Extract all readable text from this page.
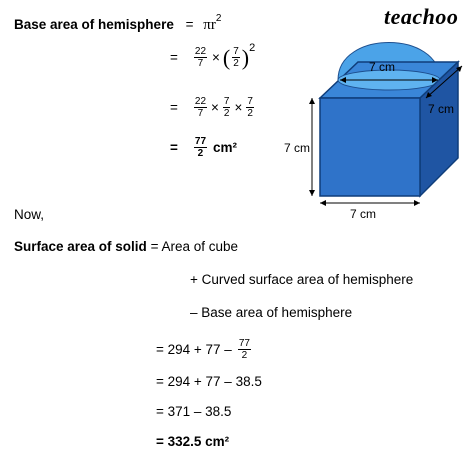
teachoo
Base area of hemisphere = $\pi r^2$
= $\frac{22}{7}$ × ( $\frac{7}{2}$ ) 2
= $\frac{22}{7} \times \frac{7}{2} \times \frac{7}{2}$
= $\frac{77}{2} cm^2$
Now,
Surface area of solid = Area of cube
+ Curved surface area of hemisphere
– Base area of hemisphere
= $294 + 77 - \frac{77}{2}$
= 294 + 77 – 38.5
= 371 – 38.5
= 332.5 cm²
7 cm
7 cm
7 cm
7 cm
